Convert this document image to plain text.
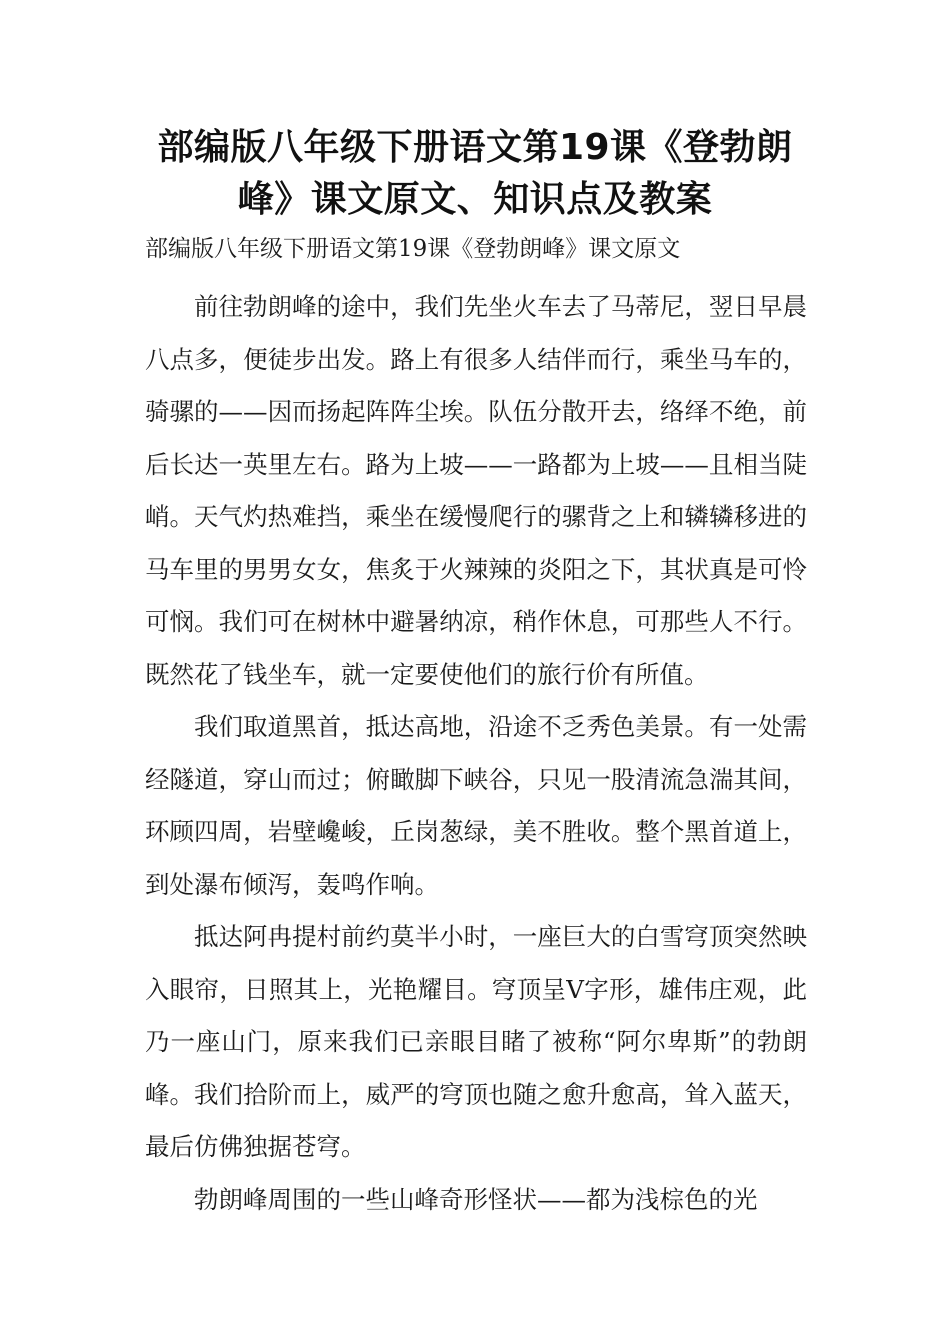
部编版八年级下册语文第19课《登勃朗峰》课文原文、知识点及教案
部编版八年级下册语文第19课《登勃朗峰》课文原文

前往勃朗峰的途中，我们先坐火车去了马蒂尼，翌日早晨八点多，便徒步出发。路上有很多人结伴而行，乘坐马车的，骑骡的——因而扬起阵阵尘埃。队伍分散开去，络绎不绝，前后长达一英里左右。路为上坡——一路都为上坡——且相当陡峭。天气灼热难挡，乘坐在缓慢爬行的骡背之上和辚辚移进的马车里的男男女女，焦炙于火辣辣的炎阳之下，其状真是可怜可悯。我们可在树林中避暑纳凉，稍作休息，可那些人不行。既然花了钱坐车，就一定要使他们的旅行价有所值。

我们取道黑首，抵达高地，沿途不乏秀色美景。有一处需经隧道，穿山而过；俯瞰脚下峡谷，只见一股清流急湍其间，环顾四周，岩壁巉峻，丘岗葱绿，美不胜收。整个黑首道上，到处瀑布倾泻，轰鸣作响。

抵达阿冉提村前约莫半小时，一座巨大的白雪穹顶突然映入眼帘，日照其上，光艳耀目。穹顶呈V字形，雄伟庄观，此乃一座山门，原来我们已亲眼目睹了被称“阿尔卑斯”的勃朗峰。我们拾阶而上，威严的穹顶也随之愈升愈高，耸入蓝天，最后仿佛独据苍穹。

勃朗峰周围的一些山峰奇形怪状——都为浅棕色的光
